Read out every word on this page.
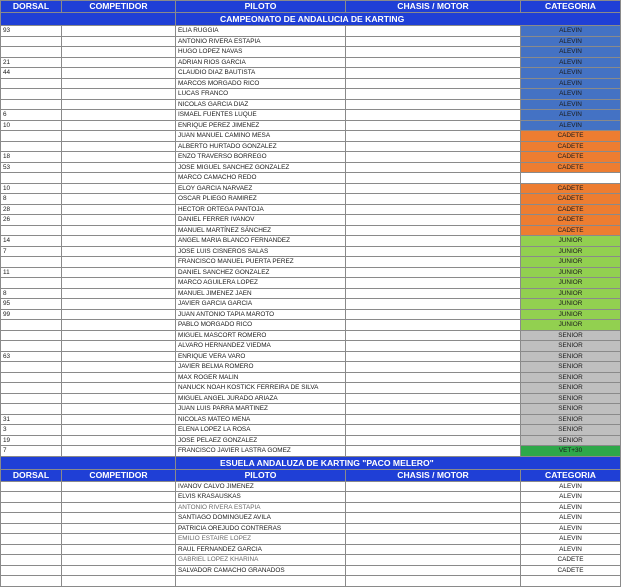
DORSAL	COMPETIDOR	PILOTO	CHASIS / MOTOR	CATEGORIA
		CAMPEONATO DE ANDALUCIA DE KARTING		
93		ELIA RUGGIA		ALEVIN
		ANTONIO RIVERA ESTAPIA		ALEVIN
		HUGO LOPEZ NAVAS		ALEVIN
21		ADRIAN RIOS GARCIA		ALEVIN
44		CLAUDIO DIAZ BAUTISTA		ALEVIN
		MARCOS MORGADO RICO		ALEVIN
		LUCAS FRANCO		ALEVIN
		NICOLAS GARCIA DIAZ		ALEVIN
6		ISMAEL FUENTES LUQUE		ALEVIN
10		ENRIQUE PEREZ JIMENEZ		ALEVIN
		JUAN MANUEL CAMINO MESA		CADETE
		ALBERTO HURTADO GONZALEZ		CADETE
18		ENZO TRAVERSO BORREGO		CADETE
53		JOSE MIGUEL SANCHEZ GONZALEZ		CADETE
		MARCO CAMACHO REDO		
10		ELOY GARCIA NARVAEZ		CADETE
8		OSCAR PLIEGO RAMIREZ		CADETE
28		HECTOR ORTEGA PANTOJA		CADETE
26		DANIEL FERRER IVANOV		CADETE
		MANUEL MARTÍNEZ SÁNCHEZ		CADETE
14		ANGEL MARIA BLANCO FERNANDEZ		JUNIOR
7		JOSE LUIS CISNEROS SALAS		JUNIOR
		FRANCISCO MANUEL PUERTA PEREZ		JUNIOR
11		DANIEL SANCHEZ GONZALEZ		JUNIOR
		MARCO AGUILERA LOPEZ		JUNIOR
8		MANUEL JIMENEZ JAEN		JUNIOR
95		JAVIER GARCIA GARCIA		JUNIOR
99		JUAN ANTONIO TAPIA MAROTO		JUNIOR
		PABLO MORGADO RICO		JUNIOR
		MIGUEL MASCORT ROMERO		SENIOR
		ALVARO HERNANDEZ VIEDMA		SENIOR
63		ENRIQUE VERA VARO		SENIOR
		JAVIER BELMA ROMERO		SENIOR
		MAX ROGER MALIN		SENIOR
		NANUCK NOAH KOSTICK FERREIRA DE SILVA		SENIOR
		MIGUEL ANGEL JURADO ARIAZA		SENIOR
		JUAN LUIS PARRA MARTINEZ		SENIOR
31		NICOLAS MATEO MENA		SENIOR
3		ELENA LOPEZ LA ROSA		SENIOR
19		JOSE PELAEZ GONZALEZ		SENIOR
7		FRANCISCO JAVIER LASTRA GOMEZ		VET+30
		ESUELA ANDALUZA DE KARTING "PACO MELERO"		
DORSAL	COMPETIDOR	PILOTO	CHASIS / MOTOR	CATEGORIA
		IVANOV CALVO JIMENEZ		ALEVIN
		ELVIS KRASAUSKAS		ALEVIN
		ANTONIO RIVERA ESTAPIA		ALEVIN
		SANTIAGO DOMINGUEZ AVILA		ALEVIN
		PATRICIA OREJUDO CONTRERAS		ALEVIN
		EMILIO ESTAIRE LOPEZ		ALEVIN
		RAUL FERNANDEZ GARCIA		ALEVIN
		GABRIEL LOPEZ KHARINA		CADETE
		SALVADOR CAMACHO GRANADOS		CADETE
